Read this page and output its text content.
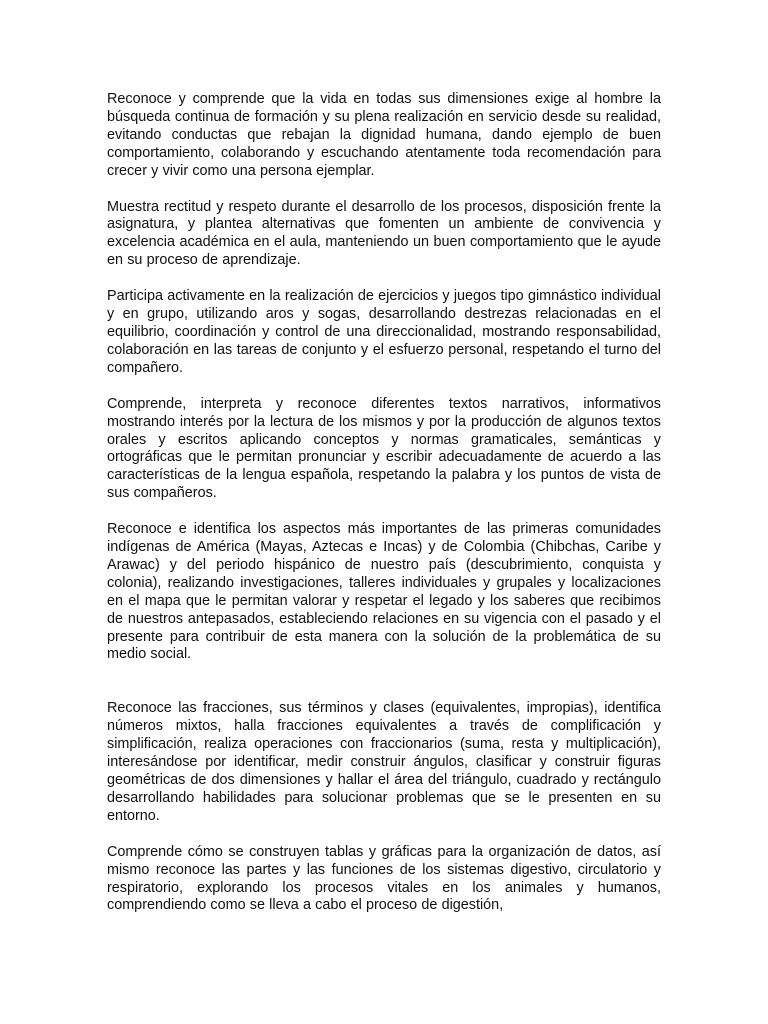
Reconoce y comprende que la vida en todas sus dimensiones exige al hombre la búsqueda continua de formación y su plena realización en servicio desde su realidad, evitando conductas que rebajan la dignidad humana, dando ejemplo de buen comportamiento, colaborando y escuchando atentamente toda recomendación para crecer y vivir como una persona ejemplar.

Muestra rectitud y respeto durante el desarrollo de los procesos, disposición frente la asignatura, y plantea alternativas que fomenten un ambiente de convivencia y excelencia académica en el aula, manteniendo un buen comportamiento que le ayude en su proceso de aprendizaje.

Participa activamente en la realización de ejercicios y juegos tipo gimnástico individual y en grupo, utilizando aros y sogas, desarrollando destrezas relacionadas en el equilibrio, coordinación y control de una direccionalidad, mostrando responsabilidad, colaboración en las tareas de conjunto y el esfuerzo personal, respetando el turno del compañero.

Comprende, interpreta y reconoce diferentes textos narrativos, informativos mostrando interés por la lectura de los mismos y por la producción de algunos textos orales y escritos aplicando conceptos y normas gramaticales, semánticas y ortográficas que le permitan pronunciar y escribir adecuadamente de acuerdo a las características de la lengua española, respetando la palabra y los puntos de vista de sus compañeros.

Reconoce e identifica los aspectos más importantes de las primeras comunidades indígenas de América (Mayas, Aztecas e Incas) y de Colombia (Chibchas, Caribe y Arawac) y del periodo hispánico de nuestro país (descubrimiento, conquista y colonia), realizando investigaciones, talleres individuales y grupales y localizaciones en el mapa que le permitan valorar y respetar el legado y los saberes que recibimos de nuestros antepasados, estableciendo relaciones en su vigencia con el pasado y el presente para contribuir de esta manera con la solución de la problemática de su medio social.

Reconoce las fracciones, sus términos y clases (equivalentes, impropias), identifica números mixtos, halla fracciones equivalentes a través de complificación y simplificación, realiza operaciones con fraccionarios (suma, resta y multiplicación), interesándose por identificar, medir construir ángulos, clasificar y construir figuras geométricas de dos dimensiones y hallar el área del triángulo, cuadrado y rectángulo desarrollando habilidades para solucionar problemas que se le presenten en su entorno.

Comprende cómo se construyen tablas y gráficas para la organización de datos, así mismo reconoce las partes y las funciones de los sistemas digestivo, circulatorio y respiratorio, explorando los procesos vitales en los animales y humanos, comprendiendo como se lleva a cabo el proceso de digestión,
